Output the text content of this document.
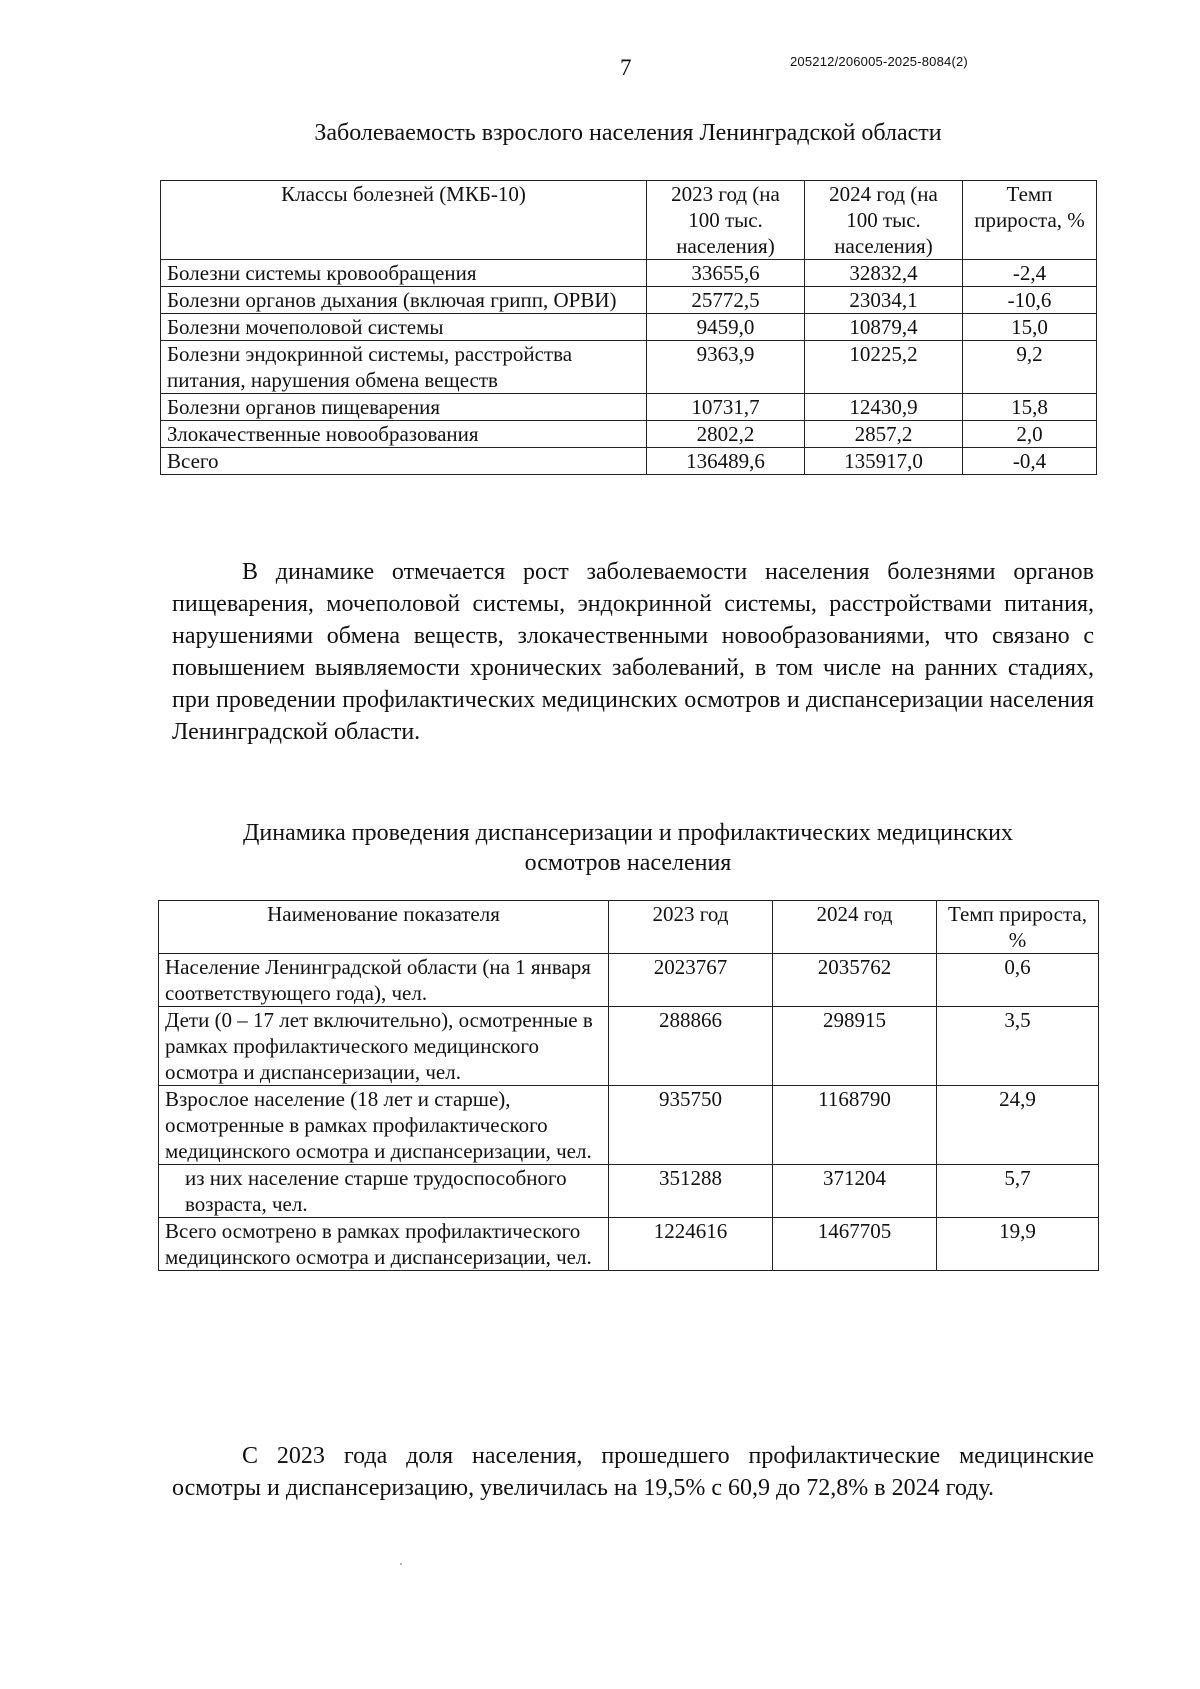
7	205212/206005-2025-8084(2)
Заболеваемость взрослого населения Ленинградской области
Классы болезней (МКБ-10)	2023 год (на 100 тыс. населения)	2024 год (на 100 тыс. населения)	Темп прироста, %
Болезни системы кровообращения	33655,6	32832,4	-2,4
Болезни органов дыхания (включая грипп, ОРВИ)	25772,5	23034,1	-10,6
Болезни мочеполовой системы	9459,0	10879,4	15,0
Болезни эндокринной системы, расстройства питания, нарушения обмена веществ	9363,9	10225,2	9,2
Болезни органов пищеварения	10731,7	12430,9	15,8
Злокачественные новообразования	2802,2	2857,2	2,0
Всего	136489,6	135917,0	-0,4
В динамике отмечается рост заболеваемости населения болезнями органов пищеварения, мочеполовой системы, эндокринной системы, расстройствами питания, нарушениями обмена веществ, злокачественными новообразованиями, что связано с повышением выявляемости хронических заболеваний, в том числе на ранних стадиях, при проведении профилактических медицинских осмотров и диспансеризации населения Ленинградской области.
Динамика проведения диспансеризации и профилактических медицинских осмотров населения
Наименование показателя	2023 год	2024 год	Темп прироста, %
Население Ленинградской области (на 1 января соответствующего года), чел.	2023767	2035762	0,6
Дети (0 – 17 лет включительно), осмотренные в рамках профилактического медицинского осмотра и диспансеризации, чел.	288866	298915	3,5
Взрослое население (18 лет и старше), осмотренные в рамках профилактического медицинского осмотра и диспансеризации, чел.	935750	1168790	24,9
из них население старше трудоспособного возраста, чел.	351288	371204	5,7
Всего осмотрено в рамках профилактического медицинского осмотра и диспансеризации, чел.	1224616	1467705	19,9
С 2023 года доля населения, прошедшего профилактические медицинские осмотры и диспансеризацию, увеличилась на 19,5% с 60,9 до 72,8% в 2024 году.
